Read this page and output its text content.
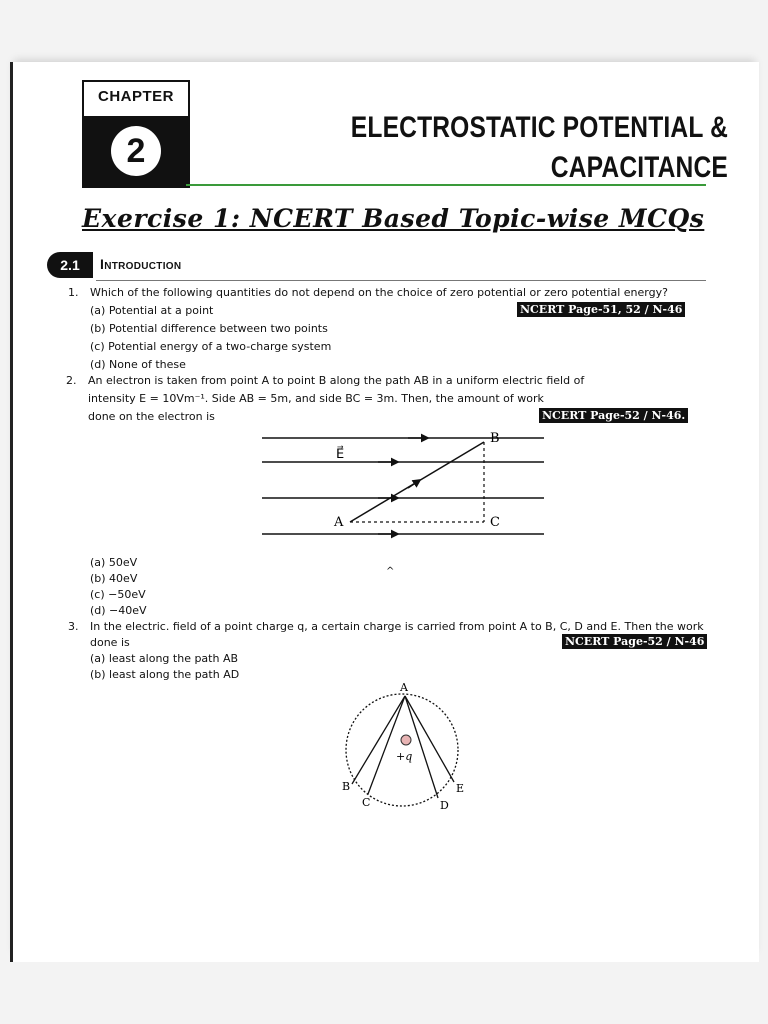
CHAPTER
2
ELECTROSTATIC POTENTIAL &
CAPACITANCE
Exercise 1: NCERT Based Topic-wise MCQs
2.1	Introduction
1. Which of the following quantities do not depend on the choice of zero potential or zero potential energy?
(a) Potential at a point	NCERT Page-51, 52 / N-46
(b) Potential difference between two points
(c) Potential energy of a two-charge system
(d) None of these
2. An electron is taken from point A to point B along the path AB in a uniform electric field of
intensity E = 10Vm⁻¹. Side AB = 5m, and side BC = 3m. Then, the amount of work
done on the electron is	NCERT Page-52 / N-46.
E⃗
A
B
C
(a) 50eV
^
(b) 40eV
(c) −50eV
(d) −40eV
3. In the electric. field of a point charge q, a certain charge is carried from point A to B, C, D and E. Then the work
done is	NCERT Page-52 / N-46
(a) least along the path AB
(b) least along the path AD
+q
A
B
C	D
E
